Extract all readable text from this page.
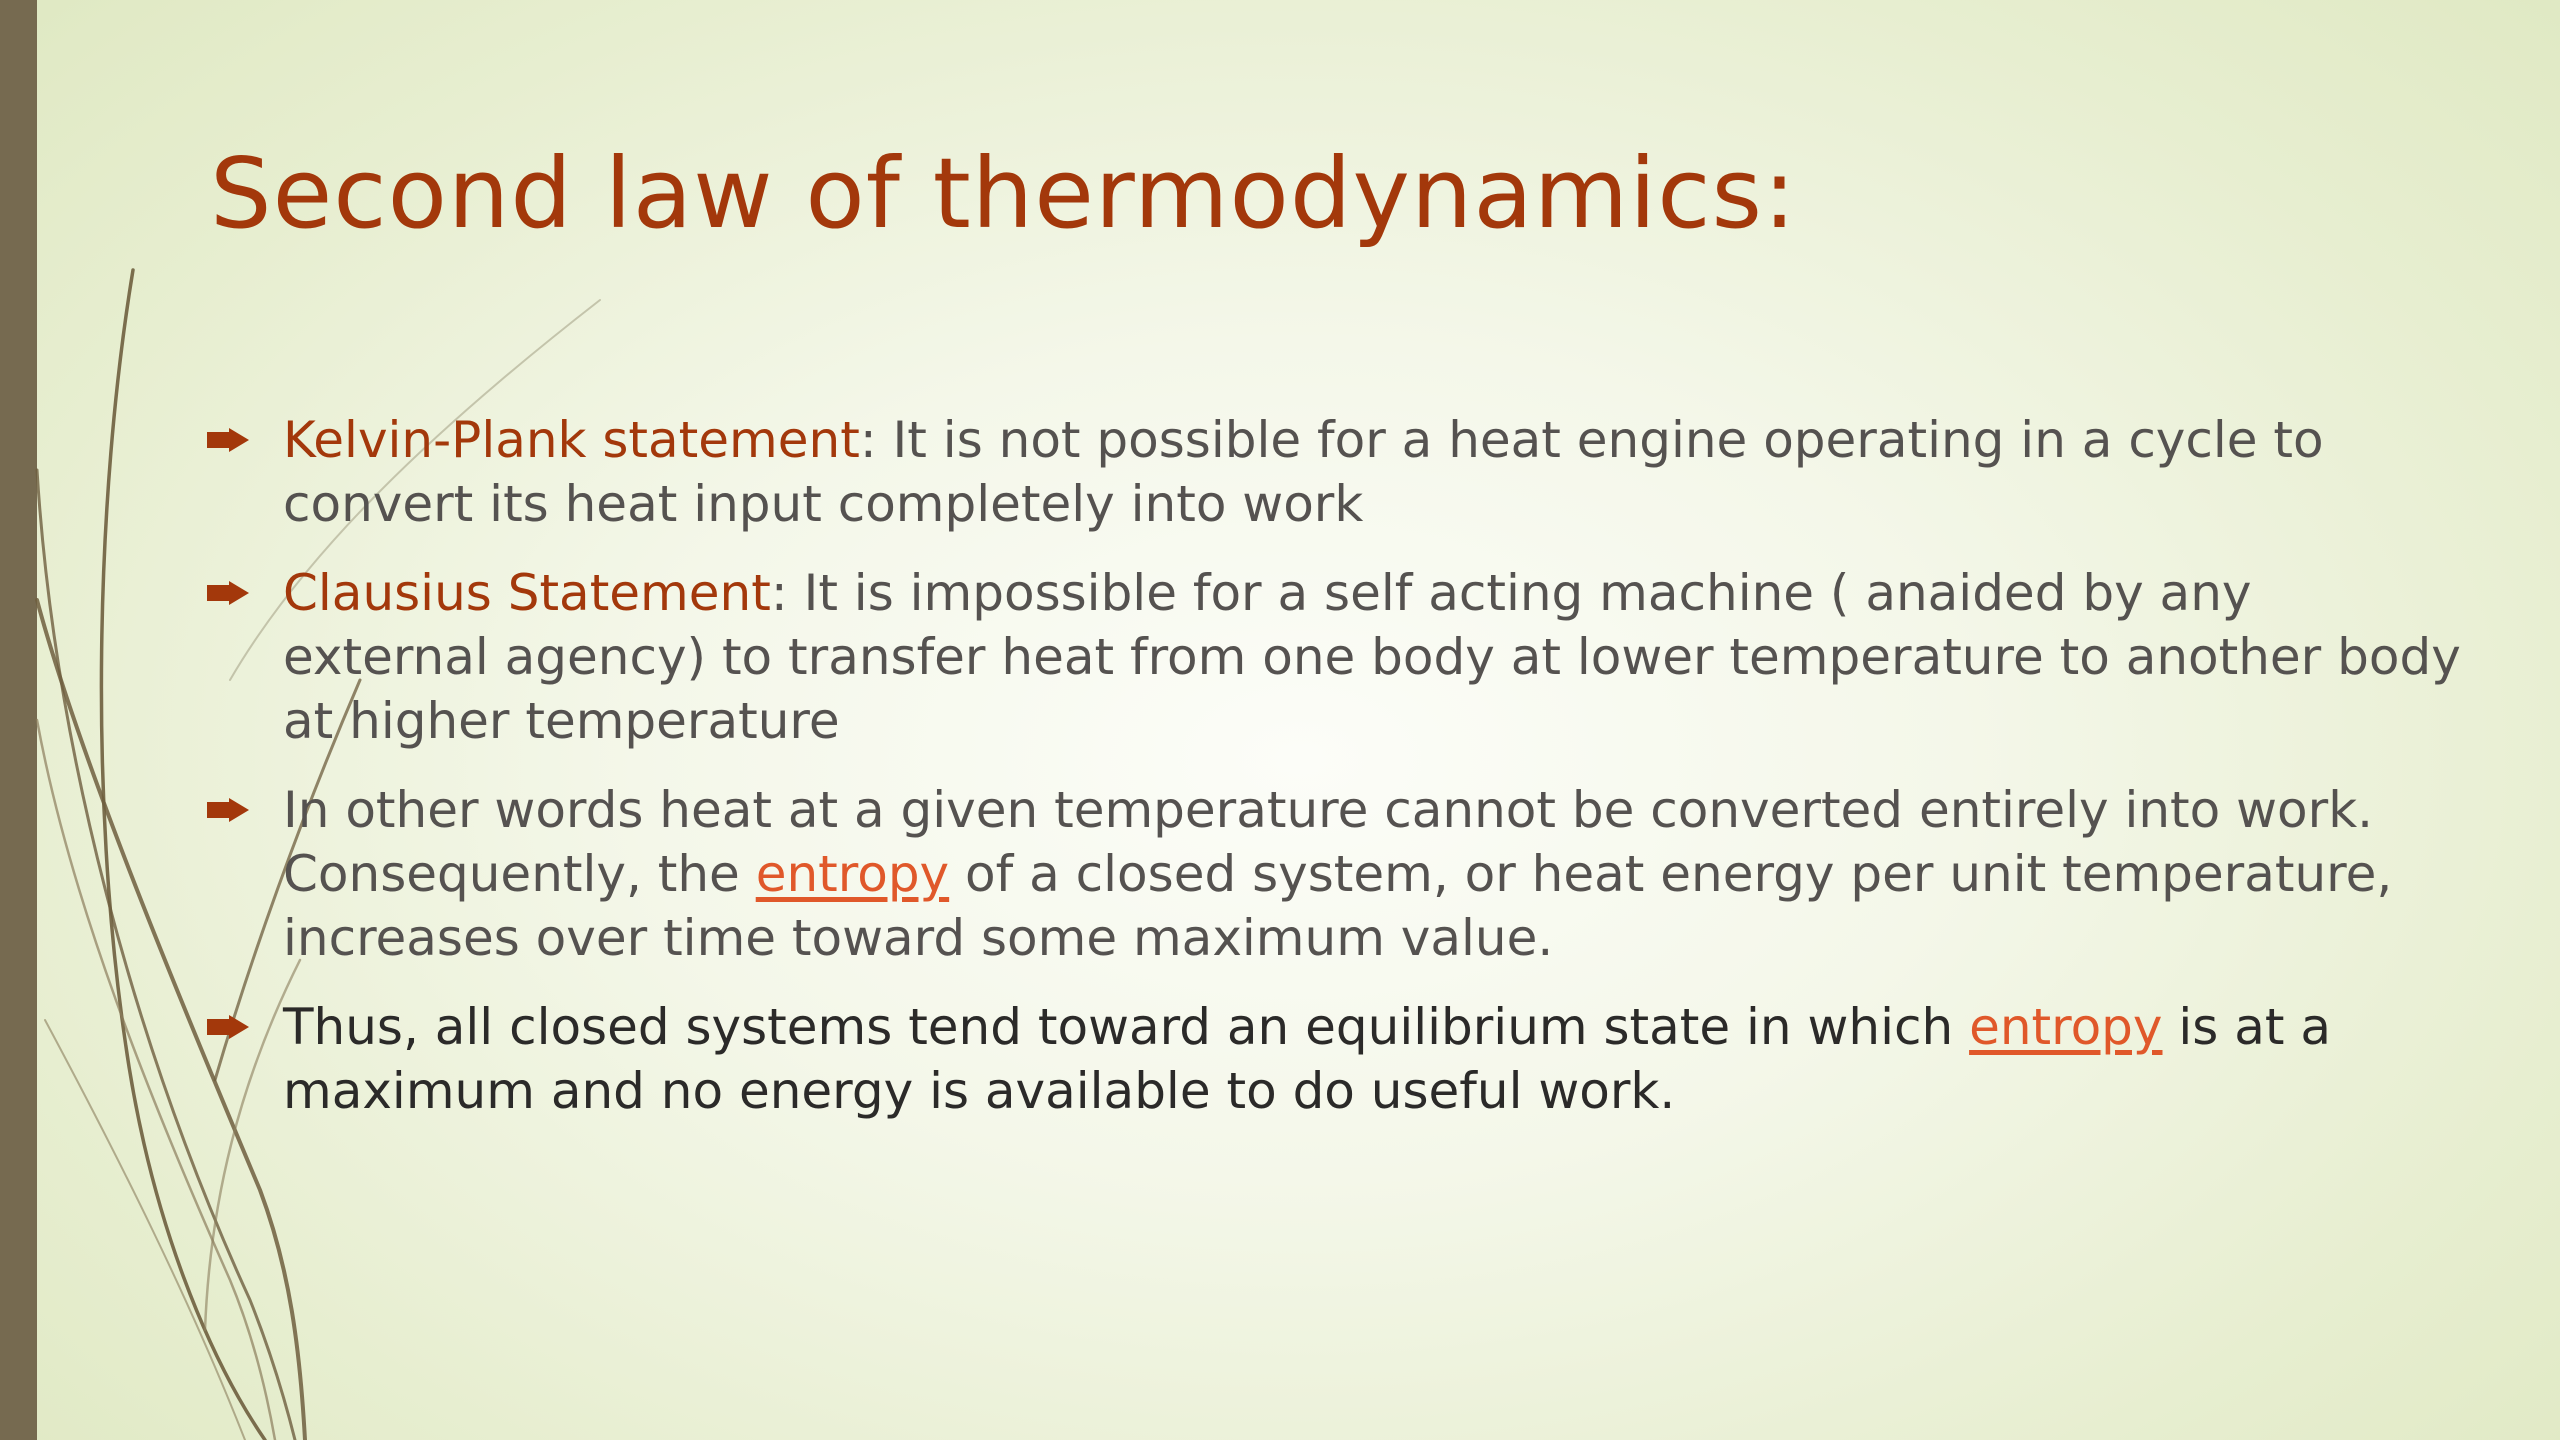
Second law of thermodynamics:
Kelvin-Plank statement: It is not possible for a heat engine operating in a cycle to convert its heat input completely into work
Clausius Statement: It is impossible for a self acting machine ( anaided by any external agency) to transfer heat from one body at lower temperature to another body at higher temperature
In other words heat at a given temperature cannot be converted entirely into work. Consequently, the entropy of a closed system, or heat energy per unit temperature, increases over time toward some maximum value.
Thus, all closed systems tend toward an equilibrium state in which entropy is at a maximum and no energy is available to do useful work.
